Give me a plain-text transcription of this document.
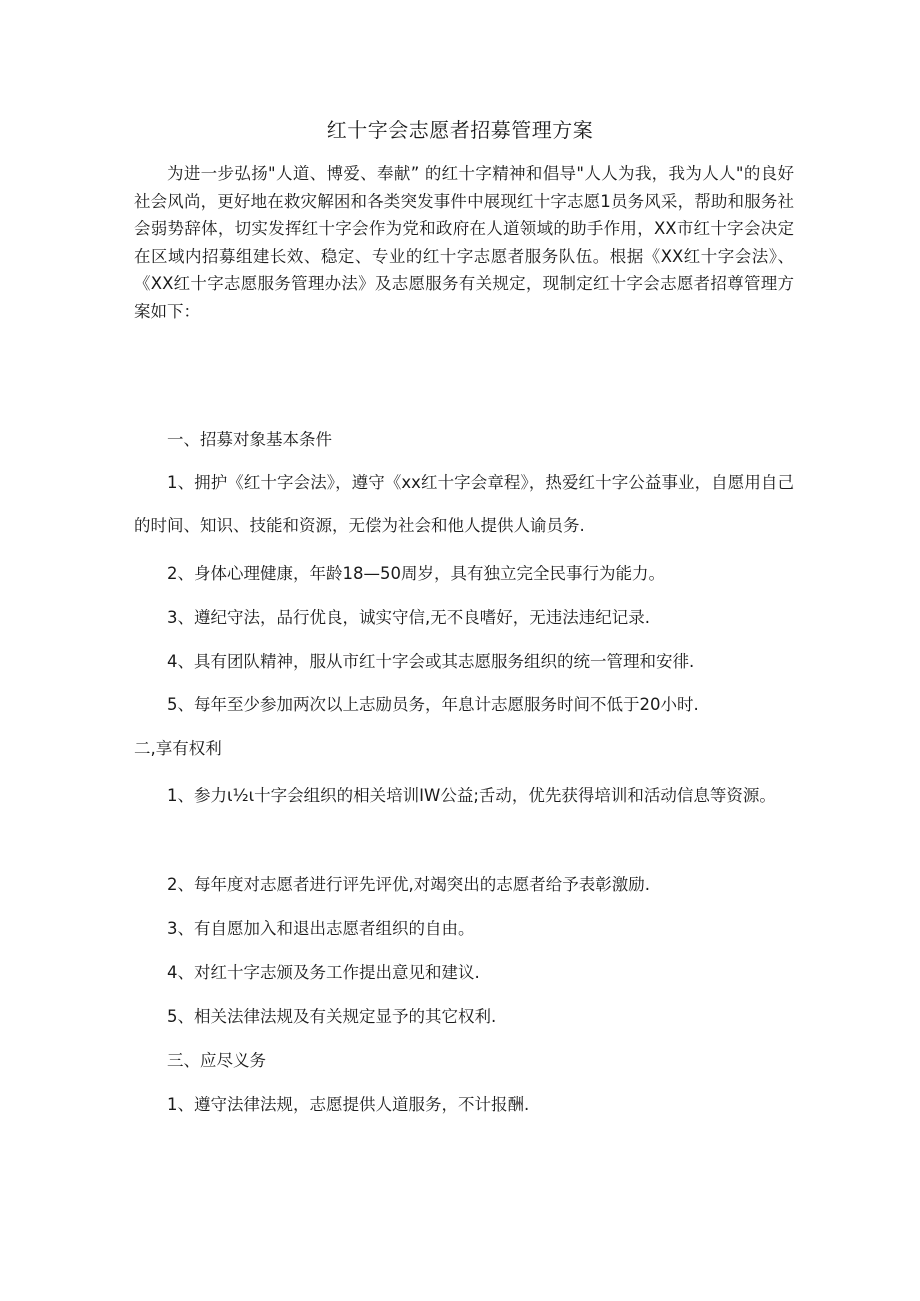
红十字会志愿者招募管理方案

为进一步弘扬"人道、博爱、奉献” 的红十字精神和倡导"人人为我，我为人人"的良好社会风尚，更好地在救灾解困和各类突发事件中展现红十字志愿1员务风采，帮助和服务社会弱势辞体，切实发挥红十字会作为党和政府在人道领域的助手作用，XX市红十字会决定在区域内招募组建长效、稳定、专业的红十字志愿者服务队伍。根据《XX红十字会法》、《XX红十字志愿服务管理办法》及志愿服务有关规定，现制定红十字会志愿者招尊管理方案如下：

一、招募对象基本条件

1、拥护《红十字会法》，遵守《xx红十字会章程》，热爱红十字公益事业，自愿用自己的时间、知识、技能和资源，无偿为社会和他人提供人谕员务.

2、身体心理健康，年龄18—50周岁，具有独立完全民事行为能力。

3、遵纪守法，品行优良，诚实守信,无不良嗜好，无违法违纪记录.

4、具有团队精神，服从市红十字会或其志愿服务组织的统一管理和安徘.

5、每年至少参加两次以上志励员务，年息计志愿服务时间不低于20小时.

二,享有权利

1、参力ι½ι十字会组织的相关培训IW公益;舌动，优先获得培训和活动信息等资源。

2、每年度对志愿者进行评先评优,对竭突出的志愿者给予表彰激励.

3、有自愿加入和退出志愿者组织的自由。

4、对红十字志颁及务工作提出意见和建议.

5、相关法律法规及有关规定显予的其它权利.

三、应尽义务

1、遵守法律法规，志愿提供人道服务，不计报酬.
